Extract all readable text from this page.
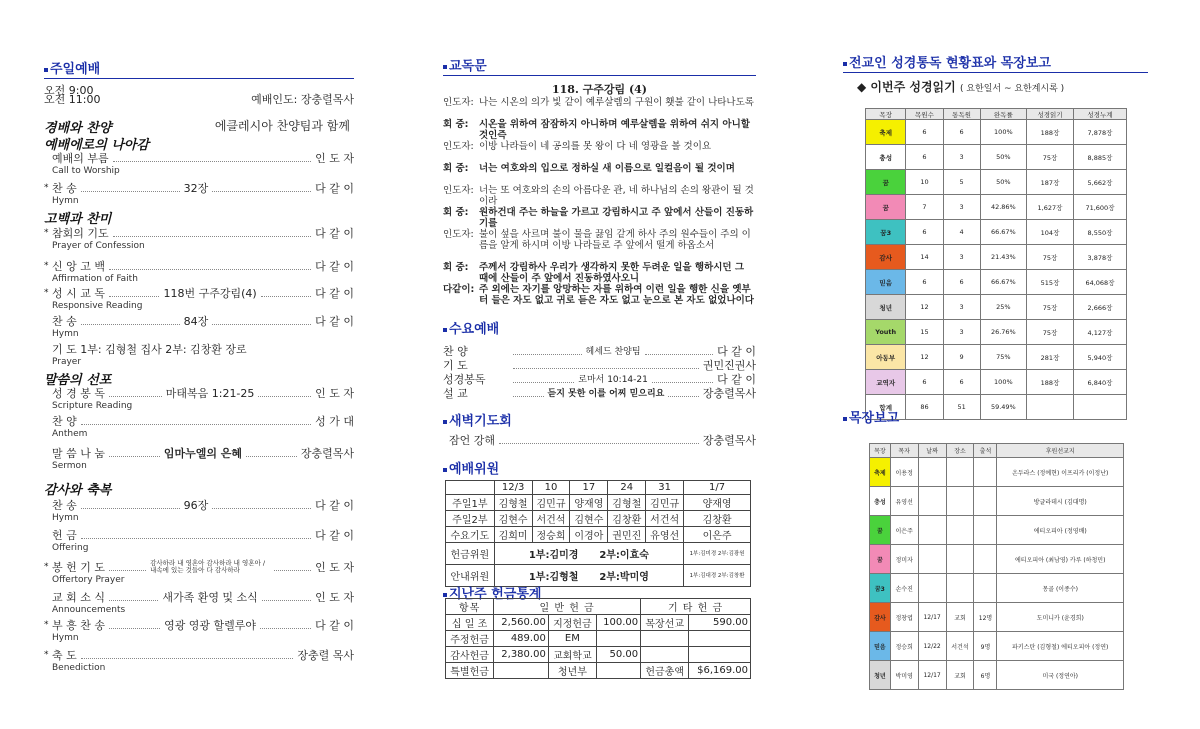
주일예배
오전 9:00
오전 11:00	예배인도: 장충렬목사
경배와 찬양	에클레시아 찬양팀과 함께
예배에로의 나아감
예배의 부름	인 도 자
Call to Worship
* 찬 송	32장	다 같 이
Hymn
* 참회의 기도	다 같 이
Prayer of Confession
* 신 앙 고 백	다 같 이
Affirmation of Faith
* 성 시 교 독	118번 구주강림(4)	다 같 이
Responsive Reading
찬 송	84장	다 같 이
Hymn
기 도 1부: 김형철 집사 2부: 김창환 장로
Prayer
성 경 봉 독	마태복음 1:21-25	인 도 자
Scripture Reading
찬 양	성 가 대
Anthem
말 씀 나 눔	임마누엘의 은혜	장충렬목사
Sermon
찬 송	96장	다 같 이
Hymn
헌 금	다 같 이
Offering
* 봉 헌 기 도	감사하라 내 영혼아 감사하라 내 영혼아 / 내속에 있는 것들아 다 감사하라	인 도 자
Offertory Prayer
교 회 소 식	새가족 환영 및 소식	인 도 자
Announcements
* 부 흥 찬 송	영광 영광 할렐루야	다 같 이
Hymn
* 축 도	장충렬 목사
Benediction
고백과 찬미
말씀의 선포
감사와 축복
교독문
118. 구주강림 (4)
인도자: 나는 시온의 의가 빛 같이 예루살렘의 구원이 횃불 같이 나타나도록
회 중:	시온을 위하여 잠잠하지 아니하며 예루살렘을 위하여 쉬지 아니할 것인즉
인도자: 이방 나라들이 네 공의를 못 왕이 다 네 영광을 볼 것이요
회 중:	너는 여호와의 입으로 정하실 새 이름으로 일컬음이 될 것이며
인도자: 너는 또 여호와의 손의 아름다운 관, 네 하나님의 손의 왕관이 될 것이라
회 중:	원하건대 주는 하늘을 가르고 강림하시고 주 앞에서 산들이 진동하기를
인도자: 불이 섶을 사르며 불이 물을 끓임 같게 하사 주의 원수들이 주의 이름을 알게 하시며 이방 나라들로 주 앞에서 떨게 하옵소서
회 중:	주께서 강림하사 우리가 생각하지 못한 두려운 일을 행하시던 그 때에 산들이 주 앞에서 진동하였사오니
다같이: 주 외에는 자기를 앙망하는 자를 위하여 이런 일을 행한 신을 옛부터 들은 자도 없고 귀로 듣은 자도 없고 눈으로 본 자도 없었나이다
수요예배
찬 양	헤세드 찬양팀	다 같 이
기 도	권민진권사
성경봉독	로마서 10:14-21	다 같 이
설 교	듣지 못한 이를 어찌 믿으리요	장충렬목사
새벽기도회
잠언 강해	장충렬목사
예배위원
	12/3	10	17	24	31	1/7
주일1부	김형철	김민규	양재영	김형철	김민규	양재영
주일2부	김현수	서건석	김현수	김창환	서건석	김창환
수요기도	김희미	정승희	이경아	권민진	유영선	이은주
헌금위원	1부:김미경      2부:이효숙					1부:김미경 2부:김광원
안내위원	1부:김형철      2부:박미영					1부:김대경 2부:김창환
지난주 헌금통계
항목	일 반 헌 금			기 타 헌 금	
십 일 조	2,560.00	지정헌금	100.00	목장선교	590.00
주정헌금	489.00	EM			
감사헌금	2,380.00	교회학교	50.00		
특별헌금		청년부		헌금총액	$6,169.00
전교인 성경통독 현황표와 목장보고
◆ 이번주 성경읽기 ( 요한일서 ~ 요한계시록 )
목장	목원수	통독원	완독률	성경읽기	성경누계
축제	6	6	100%	188장	7,878장
충성	6	3	50%	75장	8,885장
꿈	10	5	50%	187장	5,662장
꿈	7	3	42.86%	1,627장	71,600장
꿈3	6	4	66.67%	104장	8,550장
감사	14	3	21.43%	75장	3,878장
믿음	6	6	66.67%	515장	64,068장
청년	12	3	25%	75장	2,666장
Youth	15	3	26.76%	75장	4,127장
아동부	12	9	75%	281장	5,940장
교역자	6	6	100%	188장	6,840장
합계	86	51	59.49%		
목장보고
목장	목자	날짜	장소	출석	후원선교지
축제	이용정				온두라스 (정예현) 이프리카 (이정난)
충성	유영선				방글라데시 (김대명)
꿈	이은주				에티오피아 (정영배)
꿈	정미자				에티오피아 (최남영) 카루 (하청민)
꿈3	손수진				몽골 (이종수)
감사	정창엽	12/17	교회	12명	도미니카 (윤경희)
믿음	정승희	12/22	서건석	9명	파키스탄 (김형철) 에티오피아 (정연)
청년	박미영	12/17	교회	6명	미국 (정연아)
